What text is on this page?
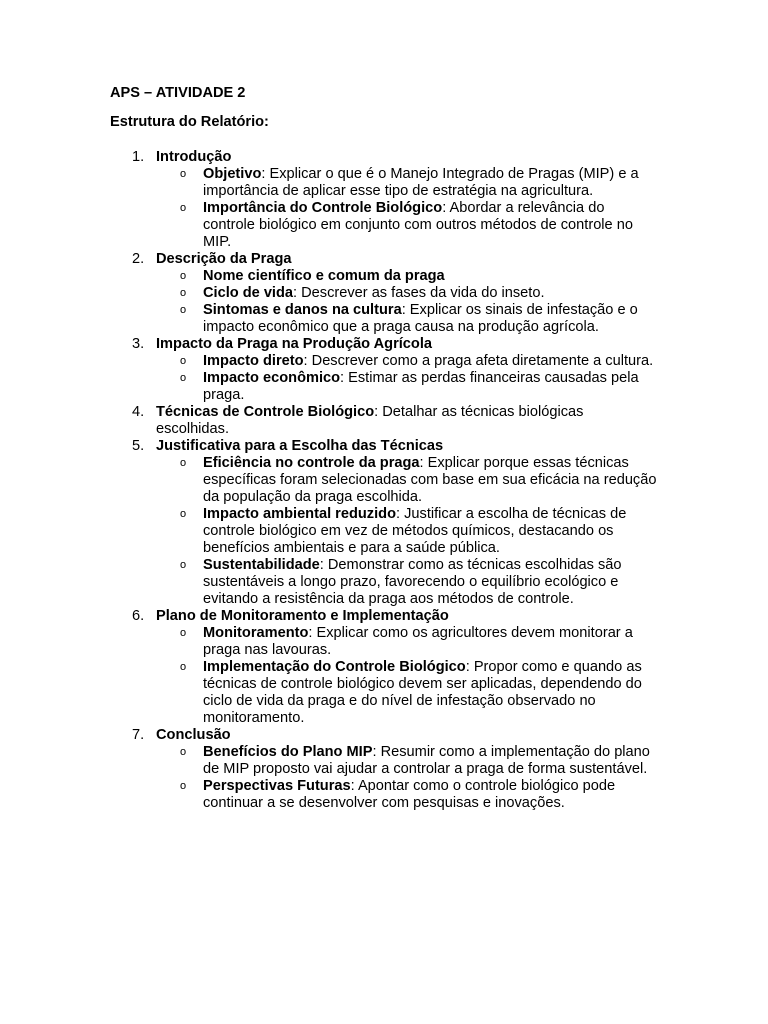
APS – ATIVIDADE 2
Estrutura do Relatório:
1. Introdução
o Objetivo: Explicar o que é o Manejo Integrado de Pragas (MIP) e a importância de aplicar esse tipo de estratégia na agricultura.
o Importância do Controle Biológico: Abordar a relevância do controle biológico em conjunto com outros métodos de controle no MIP.
2. Descrição da Praga
o Nome científico e comum da praga
o Ciclo de vida: Descrever as fases da vida do inseto.
o Sintomas e danos na cultura: Explicar os sinais de infestação e o impacto econômico que a praga causa na produção agrícola.
3. Impacto da Praga na Produção Agrícola
o Impacto direto: Descrever como a praga afeta diretamente a cultura.
o Impacto econômico: Estimar as perdas financeiras causadas pela praga.
4. Técnicas de Controle Biológico: Detalhar as técnicas biológicas escolhidas.
5. Justificativa para a Escolha das Técnicas
o Eficiência no controle da praga: Explicar porque essas técnicas específicas foram selecionadas com base em sua eficácia na redução da população da praga escolhida.
o Impacto ambiental reduzido: Justificar a escolha de técnicas de controle biológico em vez de métodos químicos, destacando os benefícios ambientais e para a saúde pública.
o Sustentabilidade: Demonstrar como as técnicas escolhidas são sustentáveis a longo prazo, favorecendo o equilíbrio ecológico e evitando a resistência da praga aos métodos de controle.
6. Plano de Monitoramento e Implementação
o Monitoramento: Explicar como os agricultores devem monitorar a praga nas lavouras.
o Implementação do Controle Biológico: Propor como e quando as técnicas de controle biológico devem ser aplicadas, dependendo do ciclo de vida da praga e do nível de infestação observado no monitoramento.
7. Conclusão
o Benefícios do Plano MIP: Resumir como a implementação do plano de MIP proposto vai ajudar a controlar a praga de forma sustentável.
o Perspectivas Futuras: Apontar como o controle biológico pode continuar a se desenvolver com pesquisas e inovações.
